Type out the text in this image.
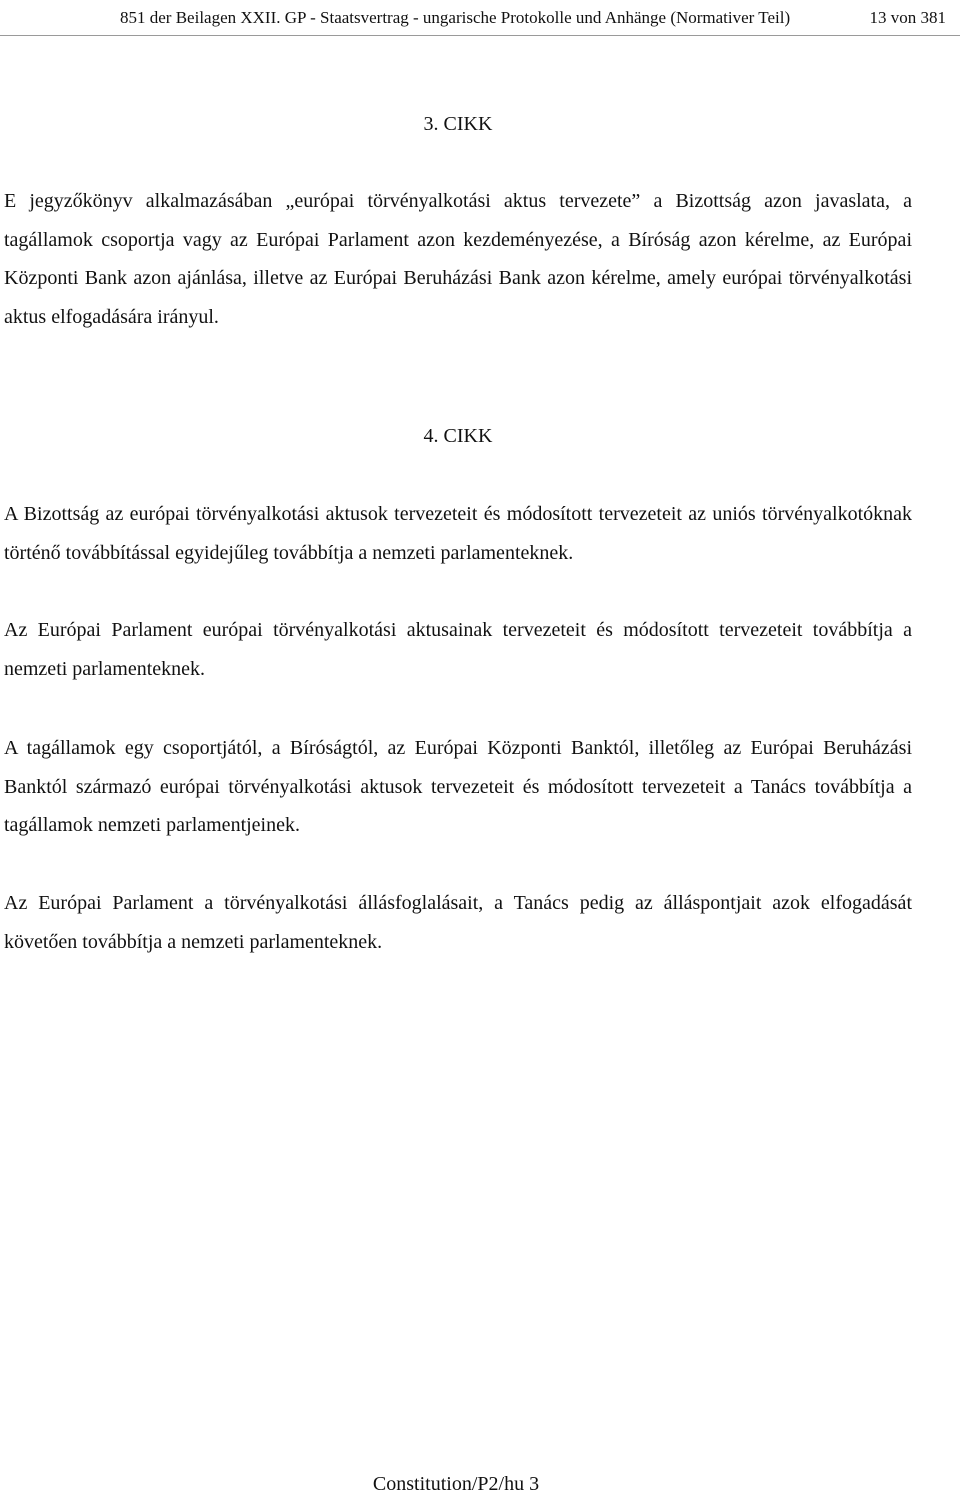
851 der Beilagen XXII. GP - Staatsvertrag - ungarische Protokolle und Anhänge (Normativer Teil)	13 von 381
3. CIKK

E jegyzőkönyv alkalmazásában „európai törvényalkotási aktus tervezete” a Bizottság azon javaslata, a tagállamok csoportja vagy az Európai Parlament azon kezdeményezése, a Bíróság azon kérelme, az Európai Központi Bank azon ajánlása, illetve az Európai Beruházási Bank azon kérelme, amely európai törvényalkotási aktus elfogadására irányul.

4. CIKK

A Bizottság az európai törvényalkotási aktusok tervezeteit és módosított tervezeteit az uniós törvényalkotóknak történő továbbítással egyidejűleg továbbítja a nemzeti parlamenteknek.

Az Európai Parlament európai törvényalkotási aktusainak tervezeteit és módosított tervezeteit továbbítja a nemzeti parlamenteknek.

A tagállamok egy csoportjától, a Bíróságtól, az Európai Központi Banktól, illetőleg az Európai Beruházási Banktól származó európai törvényalkotási aktusok tervezeteit és módosított tervezeteit a Tanács továbbítja a tagállamok nemzeti parlamentjeinek.

Az Európai Parlament a törvényalkotási állásfoglalásait, a Tanács pedig az álláspontjait azok elfogadását követően továbbítja a nemzeti parlamenteknek.

Constitution/P2/hu 3
